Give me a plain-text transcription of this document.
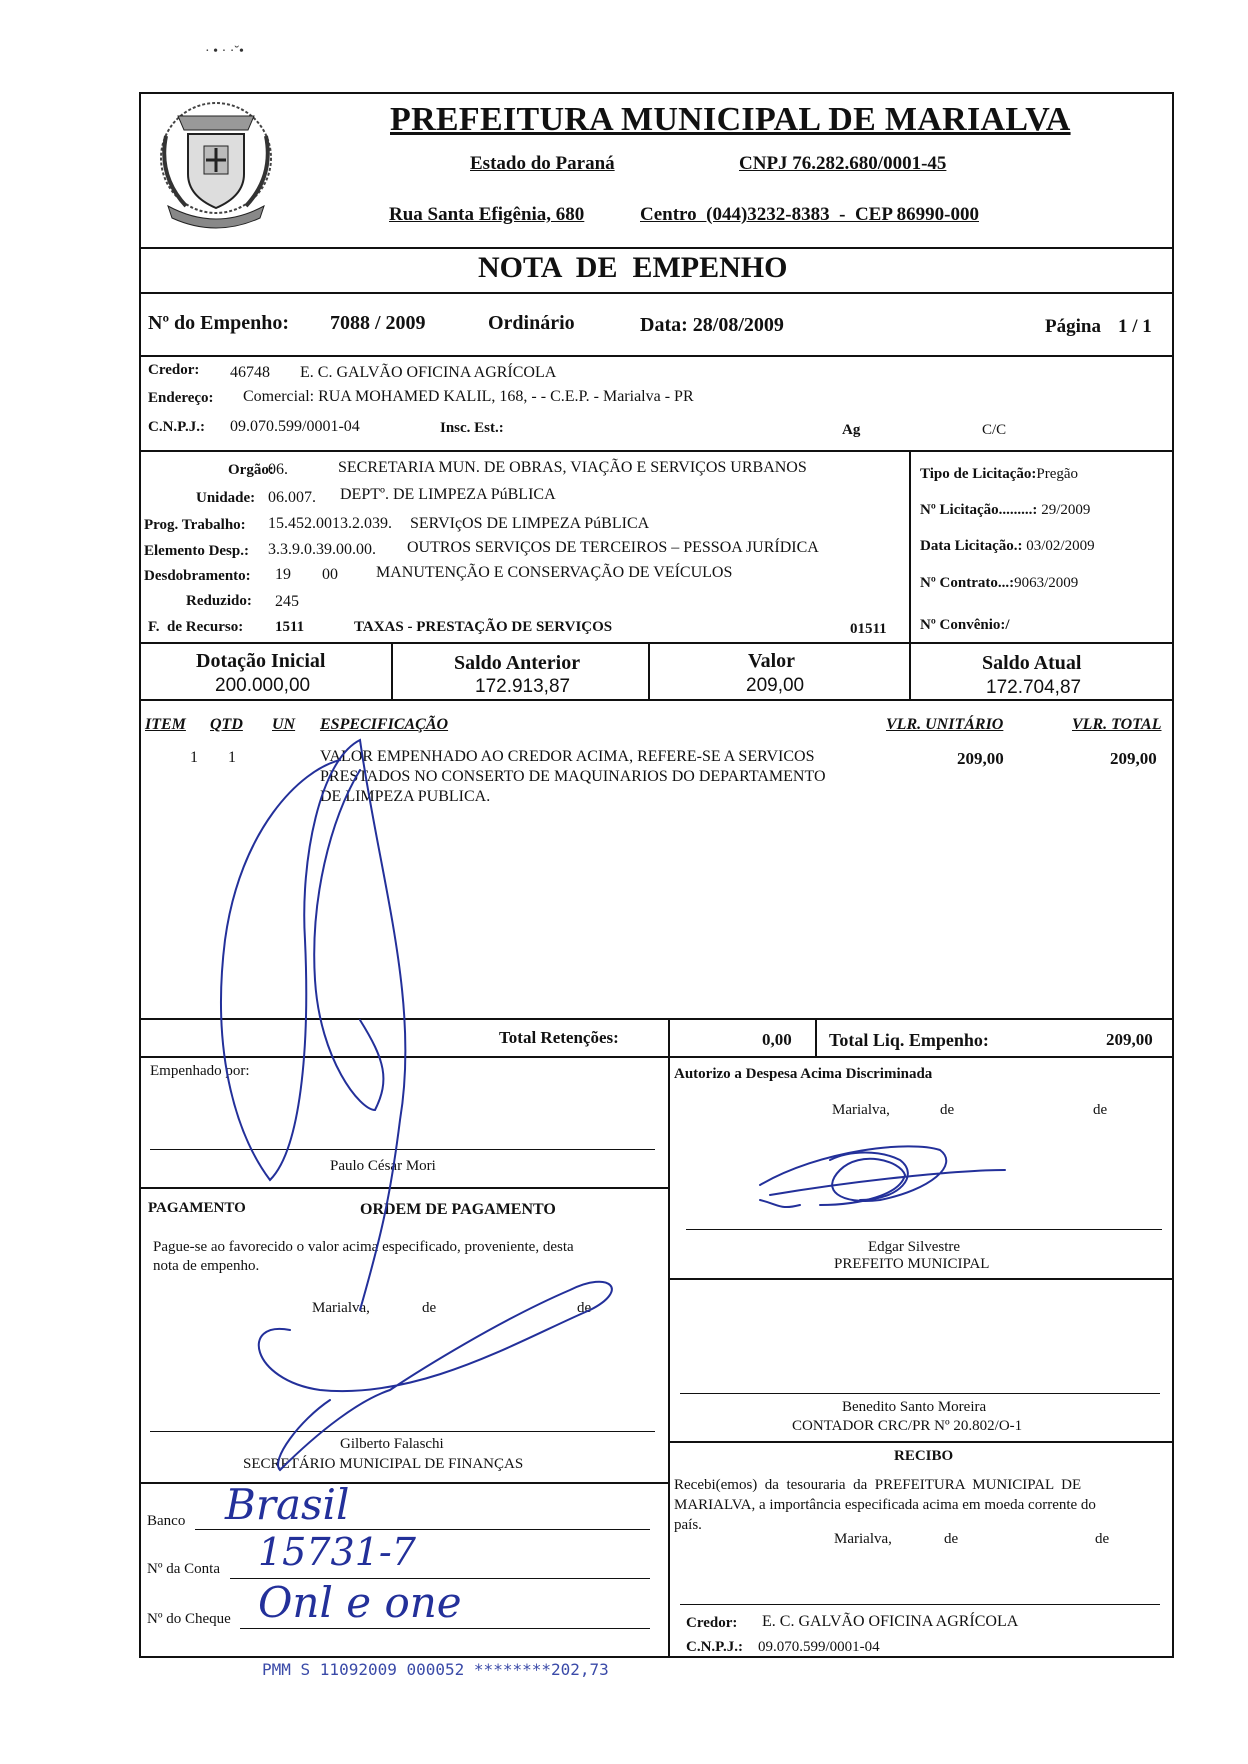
· • · ·˘•
PREFEITURA MUNICIPAL DE MARIALVA
Estado do Paraná	CNPJ 76.282.680/0001-45
Rua Santa Efigênia, 680	Centro  (044)3232-8383  -  CEP 86990-000
NOTA  DE  EMPENHO
Nº do Empenho: 7088 / 2009	Ordinário	Data: 28/08/2009	Página 1 / 1
Credor: 46748 E. C. GALVÃO OFICINA AGRÍCOLA
Endereço: Comercial: RUA MOHAMED KALIL, 168, - - C.E.P. - Marialva - PR
C.N.P.J.: 09.070.599/0001-04	Insc. Est.:	Ag	C/C
Orgão:
06.	SECRETARIA MUN. DE OBRAS, VIAÇÃO E SERVIÇOS URBANOS
Unidade: 06.007. DEPTº. DE LIMPEZA PúBLICA
Prog. Trabalho: 15.452.0013.2.039. SERVIçOS DE LIMPEZA PúBLICA
Elemento Desp.: 3.3.9.0.39.00.00. OUTROS SERVIÇOS DE TERCEIROS – PESSOA JURÍDICA
Desdobramento: 19 00 MANUTENÇÃO E CONSERVAÇÃO DE VEÍCULOS
Reduzido: 245
F.  de Recurso: 1511	TAXAS - PRESTAÇÃO DE SERVIÇOS	01511
Tipo de Licitação:Pregão
Nº Licitação.........: 29/2009
Data Licitação.: 03/02/2009
Nº Contrato...:9063/2009
Nº Convênio:/
Dotação Inicial
200.000,00
Saldo Anterior
172.913,87
Valor
209,00
Saldo Atual
172.704,87
ITEM QTD UN ESPECIFICAÇÃO	VLR. UNITÁRIO	VLR. TOTAL
1 1	VALOR EMPENHADO AO CREDOR ACIMA, REFERE-SE A SERVICOS
PRESTADOS NO CONSERTO DE MAQUINARIOS DO DEPARTAMENTO
DE LIMPEZA PUBLICA.
209,00	209,00
Total Retenções:	0,00 Total Liq. Empenho:	209,00
Empenhado por:
Paulo César Mori
PAGAMENTO	ORDEM DE PAGAMENTO
Pague-se ao favorecido o valor acima especificado, proveniente, desta
nota de empenho.
Marialva,	de	de
Gilberto Falaschi
SECRETÁRIO MUNICIPAL DE FINANÇAS
Banco Brasil
Nº da Conta 15731-7
Nº do Cheque Onl e one
Autorizo a Despesa Acima Discriminada
Marialva,	de	de
Edgar Silvestre
PREFEITO MUNICIPAL
Benedito Santo Moreira
CONTADOR CRC/PR Nº 20.802/O-1
RECIBO
Recebi(emos)  da  tesouraria  da  PREFEITURA  MUNICIPAL  DE
MARIALVA, a importância especificada acima em moeda corrente do
país.
Marialva,	de	de
Credor: E. C. GALVÃO OFICINA AGRÍCOLA
C.N.P.J.: 09.070.599/0001-04
PMM S 11092009 000052 ********202,73
